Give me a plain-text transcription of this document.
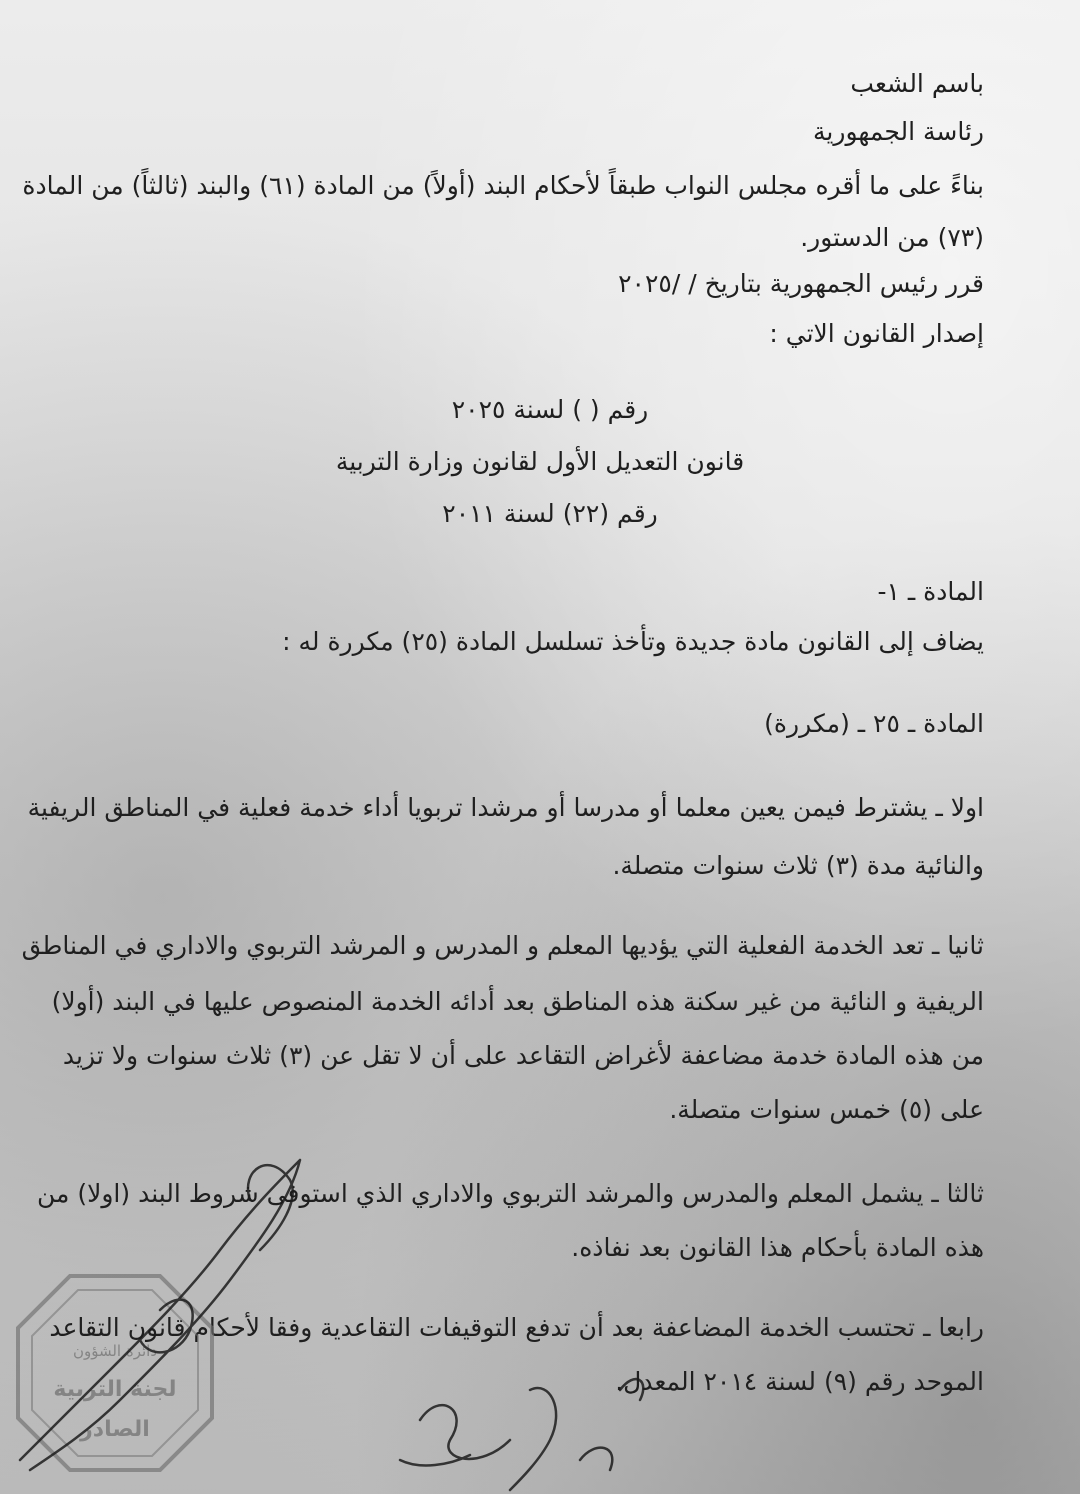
باسم الشعب
رئاسة الجمهورية
بناءً على ما أقره مجلس النواب طبقاً لأحكام البند (أولاً) من المادة (٦١) والبند (ثالثاً) من المادة
(٧٣) من الدستور.
قرر رئيس الجمهورية بتاريخ / /٢٠٢٥
إصدار القانون الاتي :
رقم ( ) لسنة ٢٠٢٥
قانون التعديل الأول لقانون وزارة التربية
رقم (٢٢) لسنة ٢٠١١
المادة ـ ١-
يضاف إلى القانون مادة جديدة وتأخذ تسلسل المادة (٢٥) مكررة له :
المادة ـ ٢٥ ـ (مكررة)
اولا ـ يشترط فيمن يعين معلما أو مدرسا أو مرشدا تربويا أداء خدمة فعلية في المناطق الريفية
والنائية مدة (٣) ثلاث سنوات متصلة.
ثانيا ـ تعد الخدمة الفعلية التي يؤديها المعلم و المدرس و المرشد التربوي والاداري في المناطق
الريفية و النائية من غير سكنة هذه المناطق بعد أدائه الخدمة المنصوص عليها في البند (أولا)
من هذه المادة خدمة مضاعفة لأغراض التقاعد على أن لا تقل عن (٣) ثلاث سنوات ولا تزيد
على (٥) خمس سنوات متصلة.
ثالثا ـ يشمل المعلم والمدرس والمرشد التربوي والاداري الذي استوفى شروط البند (اولا) من
هذه المادة بأحكام هذا القانون بعد نفاذه.
رابعا ـ تحتسب الخدمة المضاعفة بعد أن تدفع التوقيفات التقاعدية وفقا لأحكام قانون التقاعد
الموحد رقم (٩) لسنة ٢٠١٤ المعدل.
دائرة الشؤون
لجنة التربية
الصادر
